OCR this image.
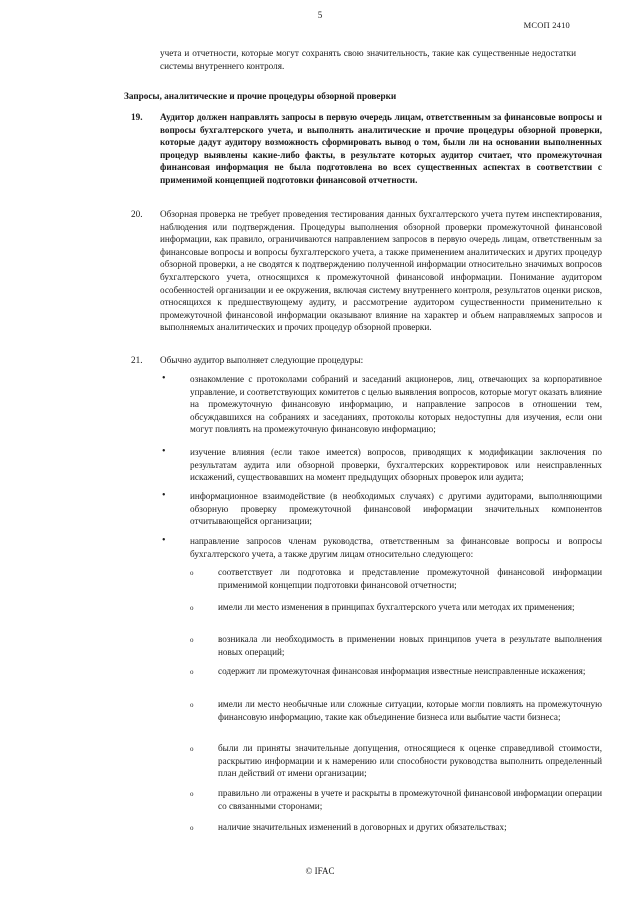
5
МСОП 2410

учета и отчетности, которые могут сохранять свою значительность, такие как существенные недостатки системы внутреннего контроля.

Запросы, аналитические и прочие процедуры обзорной проверки
19. Аудитор должен направлять запросы в первую очередь лицам, ответственным за финансовые вопросы и вопросы бухгалтерского учета, и выполнять аналитические и прочие процедуры обзорной проверки, которые дадут аудитору возможность сформировать вывод о том, были ли на основании выполненных процедур выявлены какие-либо факты, в результате которых аудитор считает, что промежуточная финансовая информация не была подготовлена во всех существенных аспектах в соответствии с применимой концепцией подготовки финансовой отчетности.

20. Обзорная проверка не требует проведения тестирования данных бухгалтерского учета путем инспектирования, наблюдения или подтверждения. Процедуры выполнения обзорной проверки промежуточной финансовой информации, как правило, ограничиваются направлением запросов в первую очередь лицам, ответственным за финансовые вопросы и вопросы бухгалтерского учета, а также применением аналитических и других процедур обзорной проверки, а не сводятся к подтверждению полученной информации относительно значимых вопросов бухгалтерского учета, относящихся к промежуточной финансовой информации. Понимание аудитором особенностей организации и ее окружения, включая систему внутреннего контроля, результатов оценки рисков, относящихся к предшествующему аудиту, и рассмотрение аудитором существенности применительно к промежуточной финансовой информации оказывают влияние на характер и объем направляемых запросов и выполняемых аналитических и прочих процедур обзорной проверки.

21. Обычно аудитор выполняет следующие процедуры:

•	ознакомление с протоколами собраний и заседаний акционеров, лиц, отвечающих за корпоративное управление, и соответствующих комитетов с целью выявления вопросов, которые могут оказать влияние на промежуточную финансовую информацию, и направление запросов в отношении тем, обсуждавшихся на собраниях и заседаниях, протоколы которых недоступны для изучения, если они могут повлиять на промежуточную финансовую информацию;

•	изучение влияния (если такое имеется) вопросов, приводящих к модификации заключения по результатам аудита или обзорной проверки, бухгалтерских корректировок или неисправленных искажений, существовавших на момент предыдущих обзорных проверок или аудита;

•	информационное взаимодействие (в необходимых случаях) с другими аудиторами, выполняющими обзорную проверку промежуточной финансовой информации значительных компонентов отчитывающейся организации;

•	направление запросов членам руководства, ответственным за финансовые вопросы и вопросы бухгалтерского учета, а также другим лицам относительно следующего:

o	соответствует ли подготовка и представление промежуточной финансовой информации применимой концепции подготовки финансовой отчетности;

o	имели ли место изменения в принципах бухгалтерского учета или методах их применения;

o	возникала ли необходимость в применении новых принципов учета в результате выполнения новых операций;

o	содержит ли промежуточная финансовая информация известные неисправленные искажения;

o	имели ли место необычные или сложные ситуации, которые могли повлиять на промежуточную финансовую информацию, такие как объединение бизнеса или выбытие части бизнеса;

o	были ли приняты значительные допущения, относящиеся к оценке справедливой стоимости, раскрытию информации и к намерению или способности руководства выполнить определенный план действий от имени организации;

o	правильно ли отражены в учете и раскрыты в промежуточной финансовой информации операции со связанными сторонами;

o	наличие значительных изменений в договорных и других обязательствах;

© IFAC
